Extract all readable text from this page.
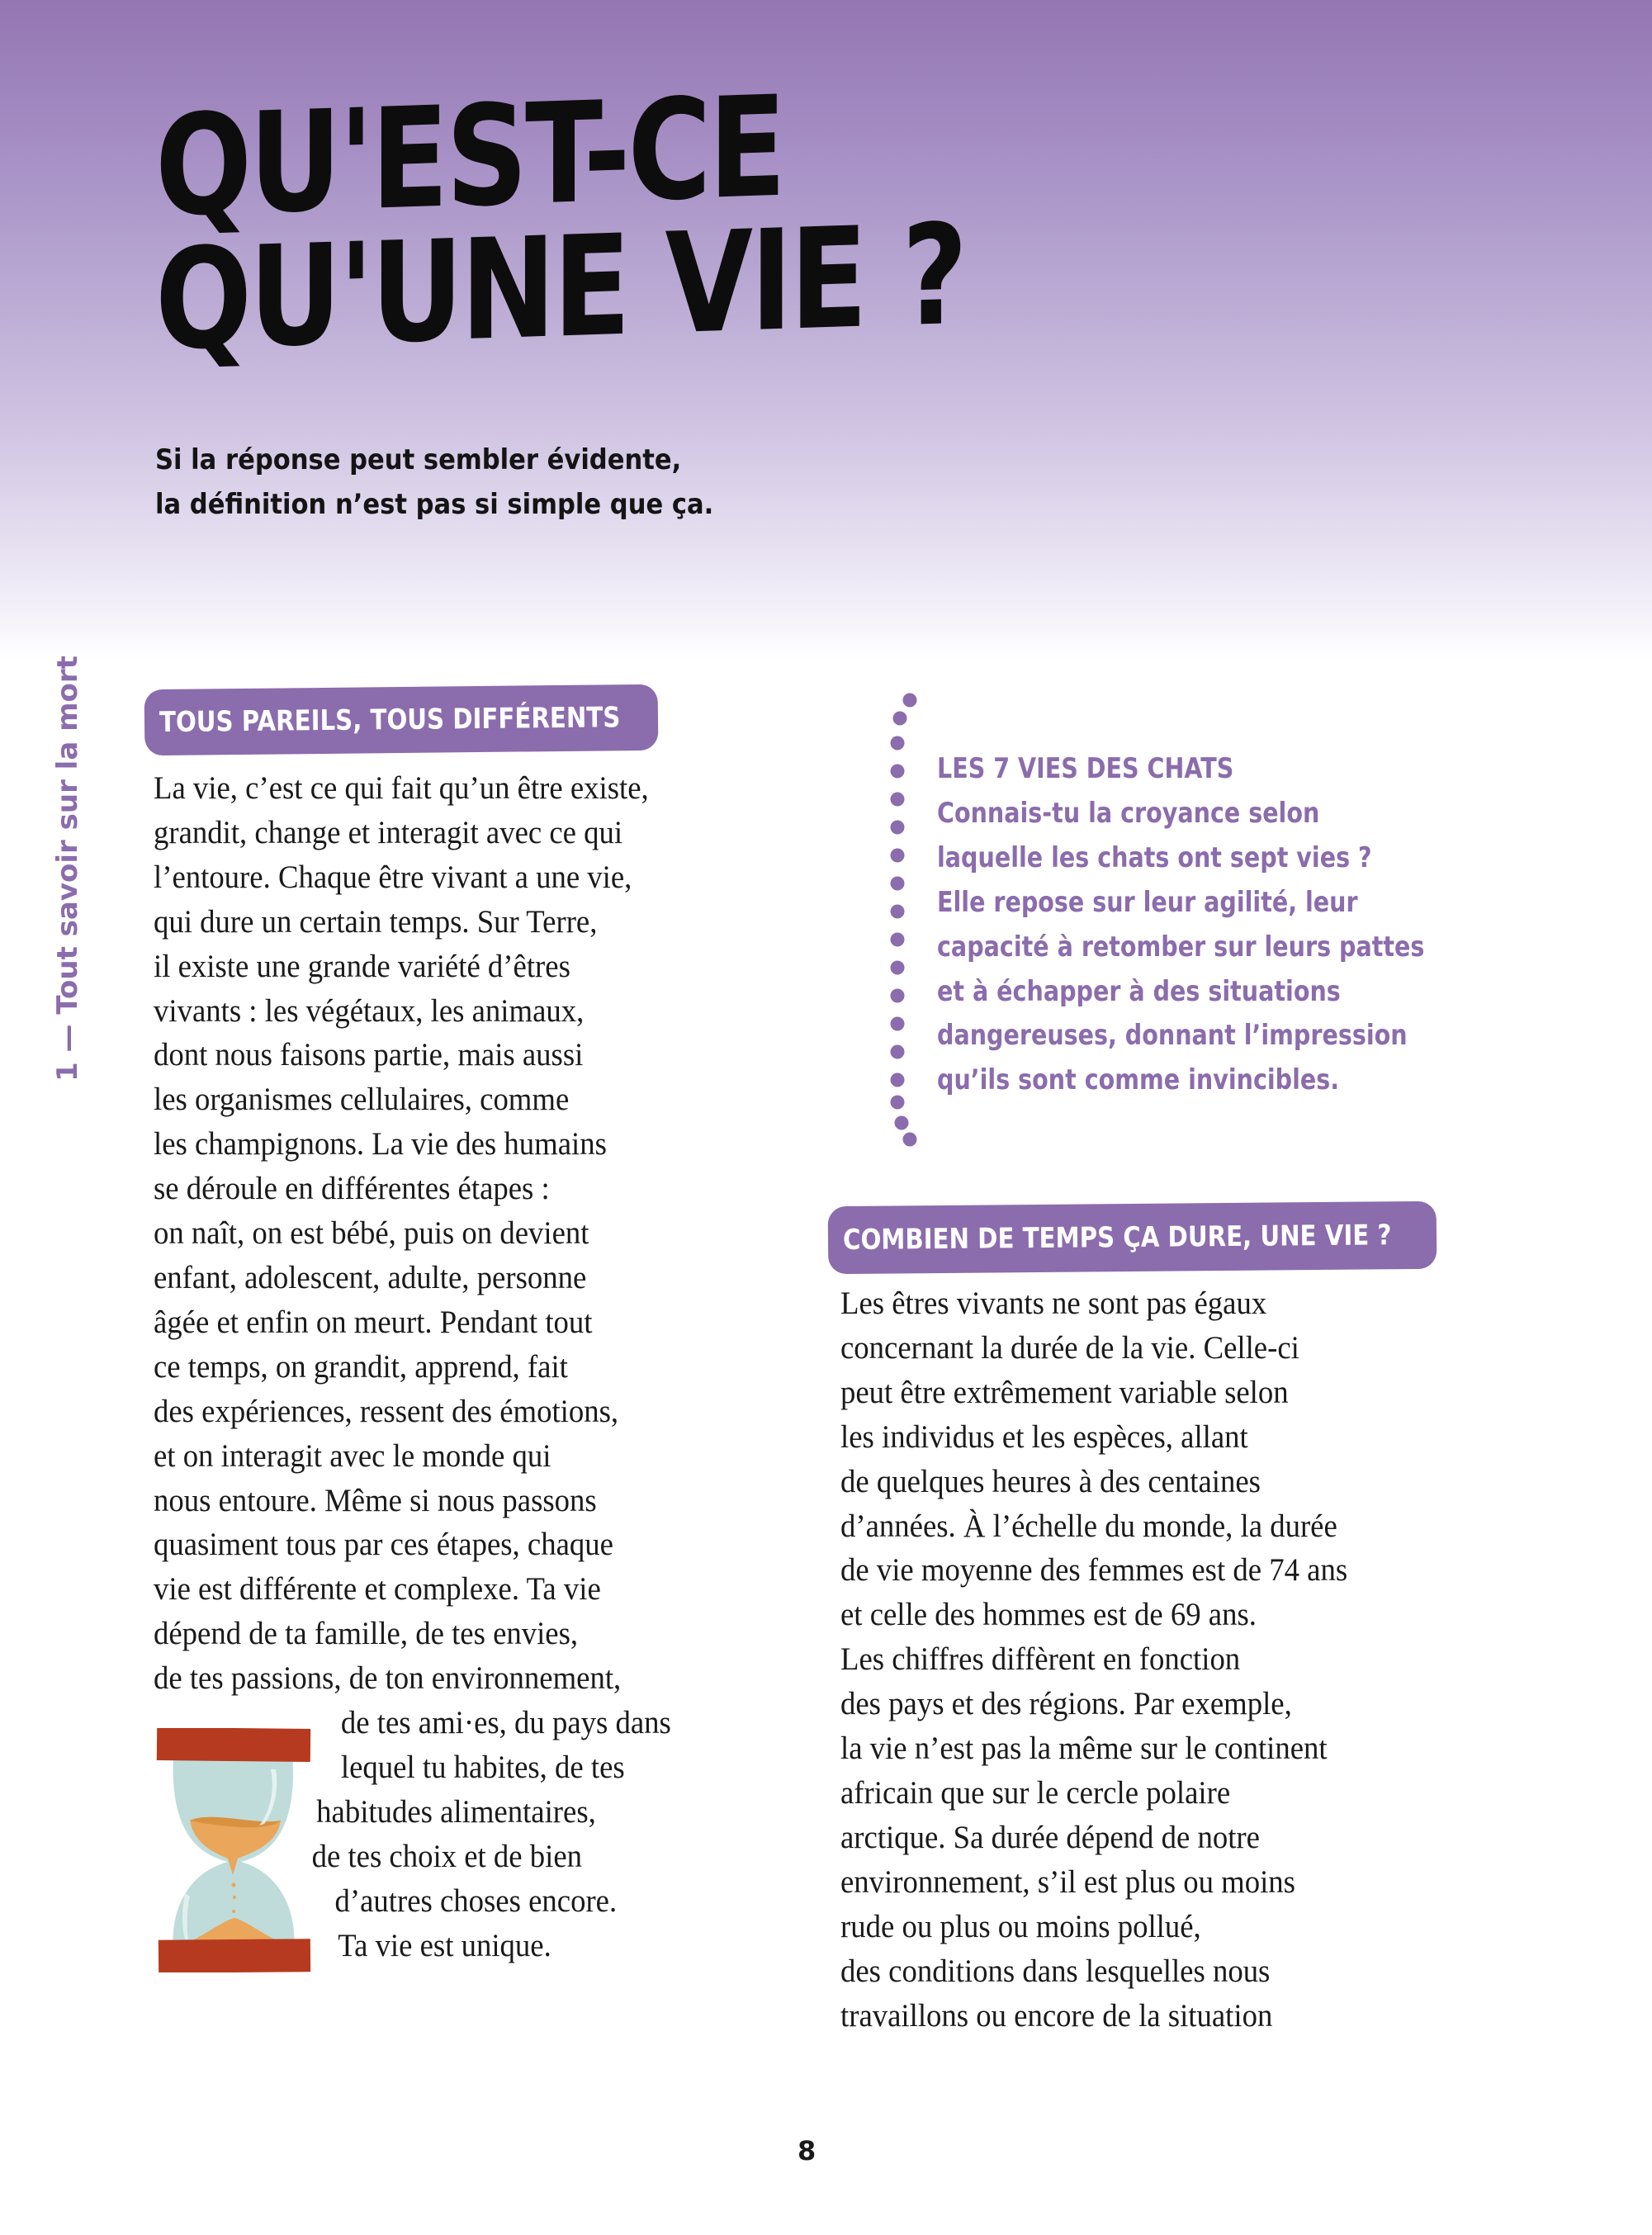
QU'EST-CE
QU'UNE VIE ?
Si la réponse peut sembler évidente,
la définition n’est pas si simple que ça.
1 — Tout savoir sur la mort	TOUS PAREILS, TOUS DIFFÉRENTS
La vie, c’est ce qui fait qu’un être existe,
grandit, change et interagit avec ce qui
l’entoure. Chaque être vivant a une vie,
qui dure un certain temps. Sur Terre,
il existe une grande variété d’êtres
vivants : les végétaux, les animaux,
dont nous faisons partie, mais aussi
les organismes cellulaires, comme
les champignons. La vie des humains
se déroule en différentes étapes :
on naît, on est bébé, puis on devient
enfant, adolescent, adulte, personne
âgée et enfin on meurt. Pendant tout
ce temps, on grandit, apprend, fait
des expériences, ressent des émotions,
et on interagit avec le monde qui
nous entoure. Même si nous passons
quasiment tous par ces étapes, chaque
vie est différente et complexe. Ta vie
dépend de ta famille, de tes envies,
de tes passions, de ton environnement,
de tes ami·es, du pays dans
lequel tu habites, de tes
habitudes alimentaires,
de tes choix et de bien
d’autres choses encore.
Ta vie est unique.
LES 7 VIES DES CHATS
Connais-tu la croyance selon
laquelle les chats ont sept vies ?
Elle repose sur leur agilité, leur
capacité à retomber sur leurs pattes
et à échapper à des situations
dangereuses, donnant l’impression
qu’ils sont comme invincibles.
COMBIEN DE TEMPS ÇA DURE, UNE VIE ?
Les êtres vivants ne sont pas égaux
concernant la durée de la vie. Celle-ci
peut être extrêmement variable selon
les individus et les espèces, allant
de quelques heures à des centaines
d’années. À l’échelle du monde, la durée
de vie moyenne des femmes est de 74 ans
et celle des hommes est de 69 ans.
Les chiffres diffèrent en fonction
des pays et des régions. Par exemple,
la vie n’est pas la même sur le continent
africain que sur le cercle polaire
arctique. Sa durée dépend de notre
environnement, s’il est plus ou moins
rude ou plus ou moins pollué,
des conditions dans lesquelles nous
travaillons ou encore de la situation
8
